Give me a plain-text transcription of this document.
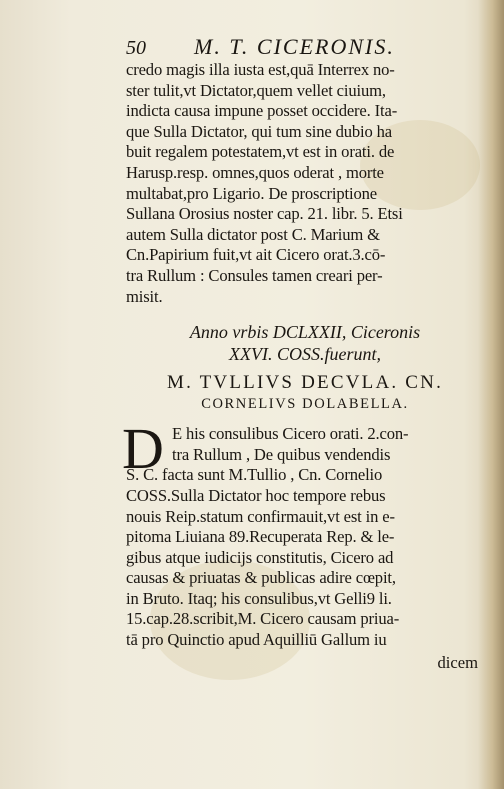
50	M. T. CICERONIS.
credo magis illa iusta est,quā Interrex no-
ster tulit,vt Dictator,quem vellet ciuium,
indicta causa impune posset occidere. Ita-
que Sulla Dictator, qui tum sine dubio ha
buit regalem potestatem,vt est in orati. de
Harusp.resp. omnes,quos oderat , morte
multabat,pro Ligario. De proscriptione
Sullana Orosius noster cap. 21. libr. 5. Etsi
autem Sulla dictator post C. Marium &
Cn.Papirium fuit,vt ait Cicero orat.3.cō-
tra Rullum : Consules tamen creari per-
misit.
Anno vrbis DCLXXII, Ciceronis
XXVI. COSS.fuerunt,
M. TVLLIVS DECVLA. CN.
CORNELIVS DOLABELLA.
D E his consulibus Cicero orati. 2.con-
tra Rullum , De quibus vendendis
S. C. facta sunt M.Tullio , Cn. Cornelio
COSS.Sulla Dictator hoc tempore rebus
nouis Reip.statum confirmauit,vt est in e-
pitoma Liuiana 89.Recuperata Rep. & le-
gibus atque iudicijs constitutis, Cicero ad
causas & priuatas & publicas adire cœpit,
in Bruto. Itaq; his consulibus,vt Gelli9 li.
15.cap.28.scribit,M. Cicero causam priua-
tā pro Quinctio apud Aquilliū Gallum iu
dicem
